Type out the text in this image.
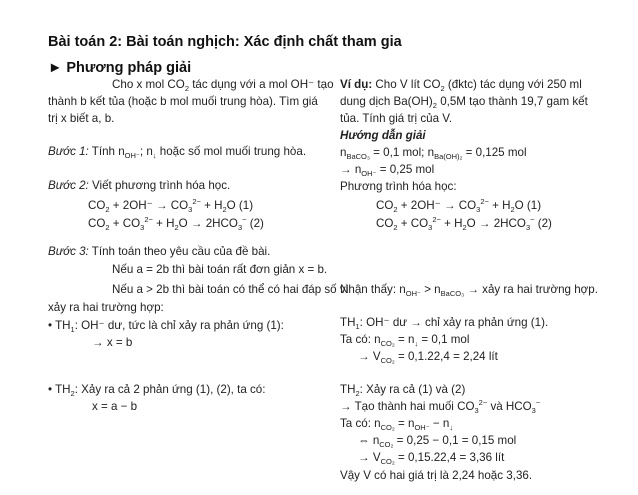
Bài toán 2: Bài toán nghịch: Xác định chất tham gia
► Phương pháp giải
Cho x mol $CO_2$ tác dụng với a mol OH⁻ tạo
thành b kết tủa (hoặc b mol muối trung hòa). Tìm giá
trị x biết a, b.
Bước 1: Tính $n_{OH^-}$; $n_↓$ hoặc số mol muối trung hòa.
Bước 2: Viết phương trình hóa học.
$CO_2 + 2OH^- \to CO_3^{2-} + H_2O$ (1)
$CO_2 + CO_3^{2-} + H_2O \to 2HCO_3^-$ (2)
Bước 3: Tính toán theo yêu cầu của đề bài.
Nếu a = 2b thì bài toán rất đơn giản x = b.
Nếu a > 2b thì bài toán có thể có hai đáp số vì
xảy ra hai trường hợp:
• $TH_1$: OH⁻ dư, tức là chỉ xảy ra phản ứng (1):
→ x = b
• $TH_2$: Xảy ra cả 2 phản ứng (1), (2), ta có:
x = a − b
Ví dụ: Cho V lít $CO_2$ (đktc) tác dụng với 250 ml
dung dịch $Ba(OH)_2$ 0,5M tạo thành 19,7 gam kết
tủa. Tính giá trị của V.
Hướng dẫn giải
$n_{BaCO_3} = 0,1$ mol; $n_{Ba(OH)_2} = 0,125$ mol
→ $n_{OH^-} = 0,25$ mol
Phương trình hóa học:
$CO_2 + 2OH^- \to CO_3^{2-} + H_2O$ (1)
$CO_2 + CO_3^{2-} + H_2O \to 2HCO_3^-$ (2)
Nhận thấy: $n_{OH^-} > n_{BaCO_3}$ → xảy ra hai trường hợp.
$TH_1$: OH⁻ dư → chỉ xảy ra phản ứng (1).
Ta có: $n_{CO_2} = n_↓ = 0,1$ mol
→ $V_{CO_2} = 0,1.22,4 = 2,24$ lít
$TH_2$: Xảy ra cả (1) và (2)
→ Tạo thành hai muối $CO_3^{2-}$ và $HCO_3^-$
Ta có: $n_{CO_2} = n_{OH^-} - n_↓$
⇔ $n_{CO_2} = 0,25 - 0,1 = 0,15$ mol
→ $V_{CO_2} = 0,15.22,4 = 3,36$ lít
Vậy V có hai giá trị là 2,24 hoặc 3,36.
